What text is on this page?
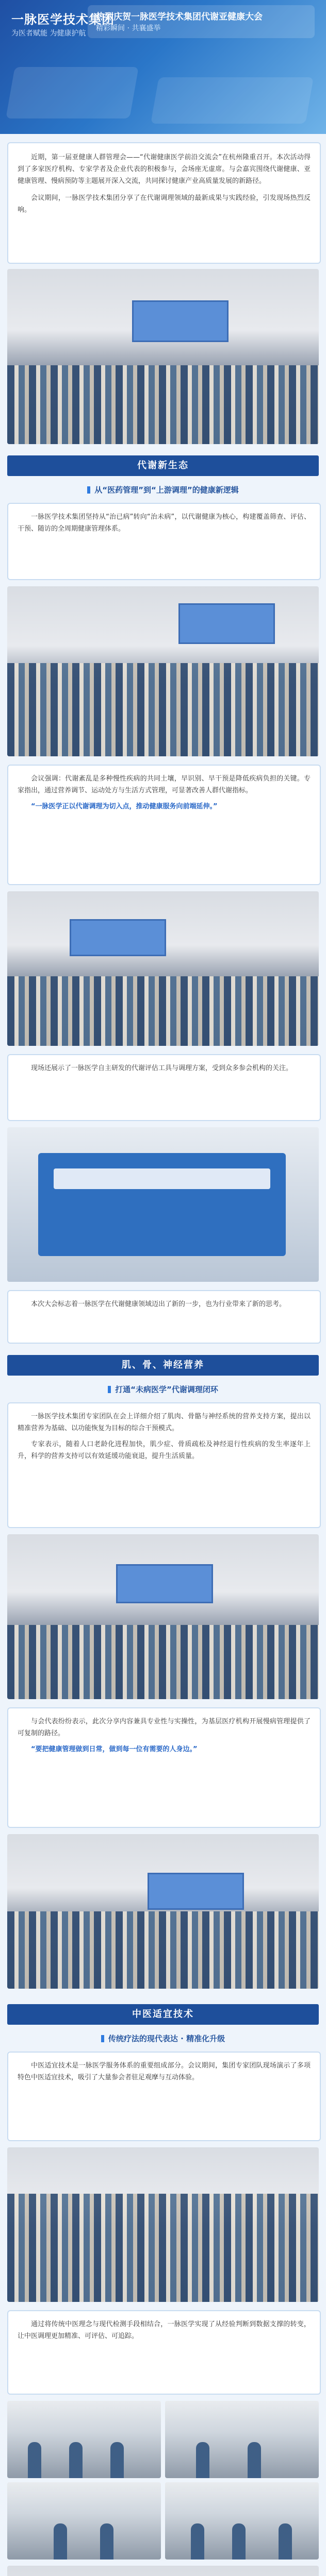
一脉医学技术集团
为医者赋能 为健康护航
热烈庆贺一脉医学技术集团代谢亚健康大会
精彩瞬间 · 共襄盛举

近期，第一届亚健康人群管理会——“代谢健康医学前沿交流会”在杭州隆重召开。本次活动得到了多家医疗机构、专家学者及企业代表的积极参与，会场座无虚席。与会嘉宾围绕代谢健康、亚健康管理、慢病预防等主题展开深入交流，共同探讨健康产业高质量发展的新路径。

会议期间，一脉医学技术集团分享了在代谢调理领域的最新成果与实践经验，引发现场热烈反响。

代谢新生态
从“医药管理”到“上游调理”的健康新逻辑

一脉医学技术集团坚持从“治已病”转向“治未病”，以代谢健康为核心，构建覆盖筛查、评估、干预、随访的全周期健康管理体系。

会议强调：代谢紊乱是多种慢性疾病的共同土壤，早识别、早干预是降低疾病负担的关键。专家指出，通过营养调节、运动处方与生活方式管理，可显著改善人群代谢指标。

“一脉医学正以代谢调理为切入点，推动健康服务向前端延伸。”

现场还展示了一脉医学自主研发的代谢评估工具与调理方案，受到众多参会机构的关注。

本次大会标志着一脉医学在代谢健康领域迈出了新的一步，也为行业带来了新的思考。

肌、骨、神经营养
打通“未病医学”代谢调理闭环

一脉医学技术集团专家团队在会上详细介绍了肌肉、骨骼与神经系统的营养支持方案，提出以精准营养为基础、以功能恢复为目标的综合干预模式。

专家表示，随着人口老龄化进程加快，肌少症、骨质疏松及神经退行性疾病的发生率逐年上升，科学的营养支持可以有效延缓功能衰退，提升生活质量。

与会代表纷纷表示，此次分享内容兼具专业性与实操性，为基层医疗机构开展慢病管理提供了可复制的路径。

“要把健康管理做到日常，做到每一位有需要的人身边。”

中医适宜技术
传统疗法的现代表达 · 精准化升级

中医适宜技术是一脉医学服务体系的重要组成部分。会议期间，集团专家团队现场演示了多项特色中医适宜技术，吸引了大量参会者驻足观摩与互动体验。

通过将传统中医理念与现代检测手段相结合，一脉医学实现了从经验判断到数据支撑的转变，让中医调理更加精准、可评估、可追踪。
